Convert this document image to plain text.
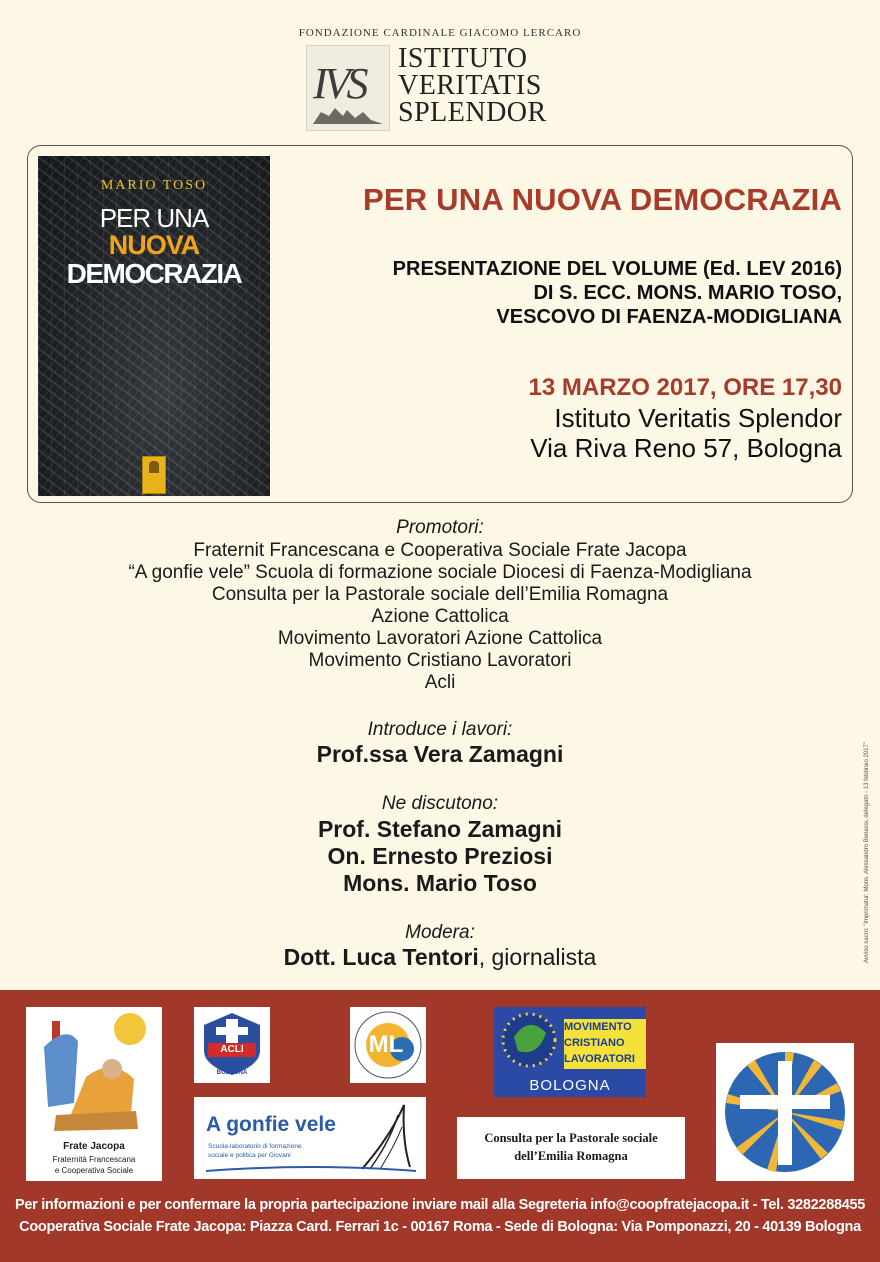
FONDAZIONE CARDINALE GIACOMO LERCARO
IVS
ISTITUTO
VERITATIS
SPLENDOR
MARIO TOSO
PER UNA
NUOVA
DEMOCRAZIA
PER UNA NUOVA DEMOCRAZIA
PRESENTAZIONE DEL VOLUME (Ed. LEV 2016)
DI S. ECC. MONS. MARIO TOSO,
VESCOVO DI FAENZA-MODIGLIANA
13 MARZO 2017, ORE 17,30
Istituto Veritatis Splendor
Via Riva Reno 57, Bologna
Promotori:
Fraternit Francescana e Cooperativa Sociale Frate Jacopa
“A gonfie vele” Scuola di formazione sociale Diocesi di Faenza-Modigliana
Consulta per la Pastorale sociale dell’Emilia Romagna
Azione Cattolica
Movimento Lavoratori Azione Cattolica
Movimento Cristiano Lavoratori
Acli
Introduce i lavori:
Prof.ssa Vera Zamagni
Ne discutono:
Prof. Stefano Zamagni
On. Ernesto Preziosi
Mons. Mario Toso
Modera:
Dott. Luca Tentori, giornalista	Avviso sacro: "Imprimatur: Mons. Alessandro Benassi, delegato - 13 febbraio 2017"
Frate Jacopa
Fraternità Francescana
e Cooperativa Sociale
ACLI
BOLOGNA
ML
MOVIMENTO
CRISTIANO
LAVORATORI
BOLOGNA
A gonfie vele
Scuola-laboratorio di formazione
sociale e politica per Giovani
Consulta per la Pastorale sociale
dell’Emilia Romagna
Per informazioni e per confermare la propria partecipazione inviare mail alla Segreteria info@coopfratejacopa.it - Tel. 3282288455
Cooperativa Sociale Frate Jacopa: Piazza Card. Ferrari 1c - 00167 Roma - Sede di Bologna: Via Pomponazzi, 20 - 40139 Bologna
